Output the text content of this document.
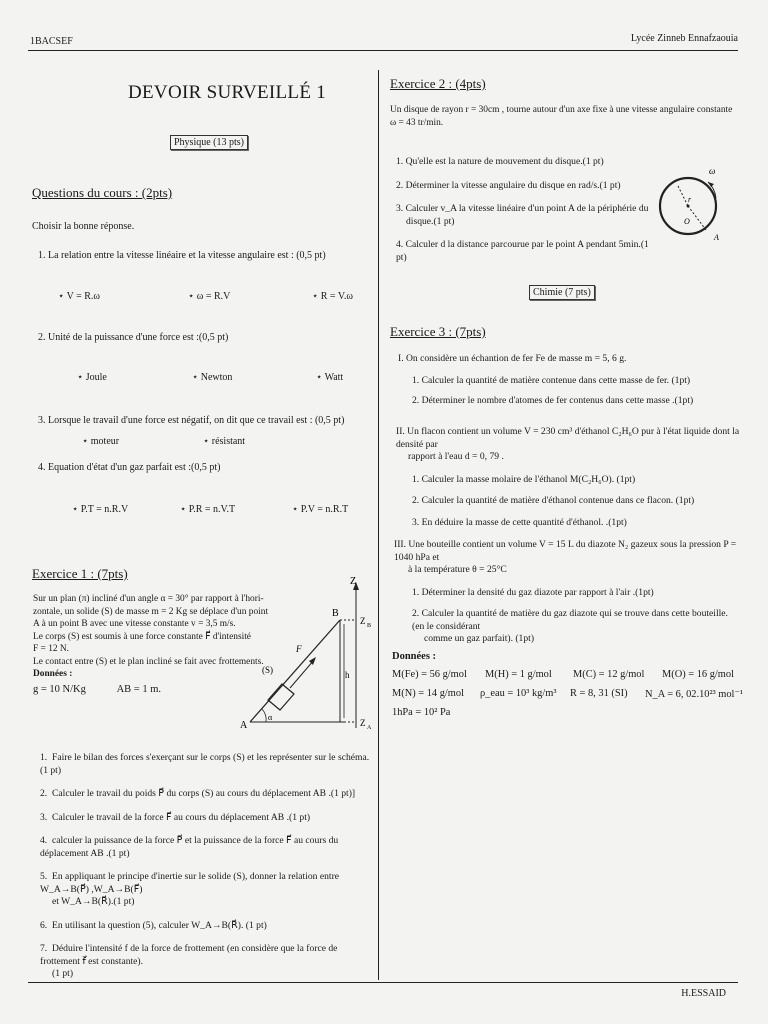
1BACSEF	Lycée Zinneb Ennafzaouia
DEVOIR SURVEILLÉ 1
Physique (13 pts)
Questions du cours : (2pts)
Choisir la bonne réponse.
1. La relation entre la vitesse linéaire et la vitesse angulaire est : (0,5 pt)
⋆ V = R.ω	⋆ ω = R.V	⋆ R = V.ω
2. Unité de la puissance d'une force est :(0,5 pt)
⋆ Joule	⋆ Newton	⋆ Watt
3. Lorsque le travail d'une force est négatif, on dit que ce travail est : (0,5 pt)
⋆ moteur	⋆ résistant
4. Equation d'état d'un gaz parfait est :(0,5 pt)
⋆ P.T = n.R.V	⋆ P.R = n.V.T	⋆ P.V = n.R.T
Exercice 1 : (7pts)
Sur un plan (π) incliné d'un angle α = 30° par rapport à l'hori-
zontale, un solide (S) de masse m = 2 Kg se déplace d'un point
A à un point B avec une vitesse constante v = 3,5 m/s.
Le corps (S) est soumis à une force constante F⃗ d'intensité
F = 12 N.
Le contact entre (S) et le plan incliné se fait avec frottements.
Données :
g = 10 N/Kg	AB = 1 m.
B
A
Z
Z B
Z A
(S)
F
h
α
1. Faire le bilan des forces s'exerçant sur le corps (S) et les représenter sur le schéma.(1 pt)
2. Calculer le travail du poids P⃗ du corps (S) au cours du déplacement AB .(1 pt)]
3. Calculer le travail de la force F⃗ au cours du déplacement AB .(1 pt)
4. calculer la puissance de la force P⃗ et la puissance de la force F⃗ au cours du déplacement AB .(1 pt)
5. En appliquant le principe d'inertie sur le solide (S), donner la relation entre W_A→B(P⃗) ,W_A→B(F⃗)
et W_A→B(R⃗).(1 pt)
6. En utilisant la question (5), calculer W_A→B(R⃗). (1 pt)
7. Déduire l'intensité f de la force de frottement (en considère que la force de frottement f⃗ est constante).
(1 pt)
Exercice 2 : (4pts)
Un disque de rayon r = 30cm , tourne autour d'un axe fixe à une vitesse angulaire constante
ω = 43 tr/min.
1. Qu'elle est la nature de mouvement du disque.(1 pt)
2. Déterminer la vitesse angulaire du disque en rad/s.(1 pt)
3. Calculer v_A la vitesse linéaire d'un point A de la périphérie du
disque.(1 pt)
4. Calculer d la distance parcourue par le point A pendant 5min.(1 pt)
ω
r
O
A
Chimie (7 pts)
Exercice 3 : (7pts)
I. On considère un échantion de fer Fe de masse m = 5, 6 g.
1. Calculer la quantité de matière contenue dans cette masse de fer. (1pt)
2. Déterminer le nombre d'atomes de fer contenus dans cette masse .(1pt)
II. Un flacon contient un volume V = 230 cm³ d'éthanol C₂H₆O pur à l'état liquide dont la densité par
rapport à l'eau d = 0, 79 .
1. Calculer la masse molaire de l'éthanol M(C₂H₆O). (1pt)
2. Calculer la quantité de matière d'éthanol contenue dans ce flacon. (1pt)
3. En déduire la masse de cette quantité d'éthanol. .(1pt)
III. Une bouteille contient un volume V = 15 L du diazote N₂ gazeux sous la pression P = 1040 hPa et
à la température θ = 25°C
1. Déterminer la densité du gaz diazote par rapport à l'air .(1pt)
2. Calculer la quantité de matière du gaz diazote qui se trouve dans cette bouteille.(en le considérant
comme un gaz parfait). (1pt)
Données :
M(Fe) = 56 g/mol M(H) = 1 g/mol M(C) = 12 g/mol M(O) = 16 g/mol
M(N) = 14 g/mol ρ_eau = 10³ kg/m³ R = 8, 31 (SI) N_A = 6, 02.10²³ mol⁻¹
1hPa = 10² Pa
H.ESSAID
